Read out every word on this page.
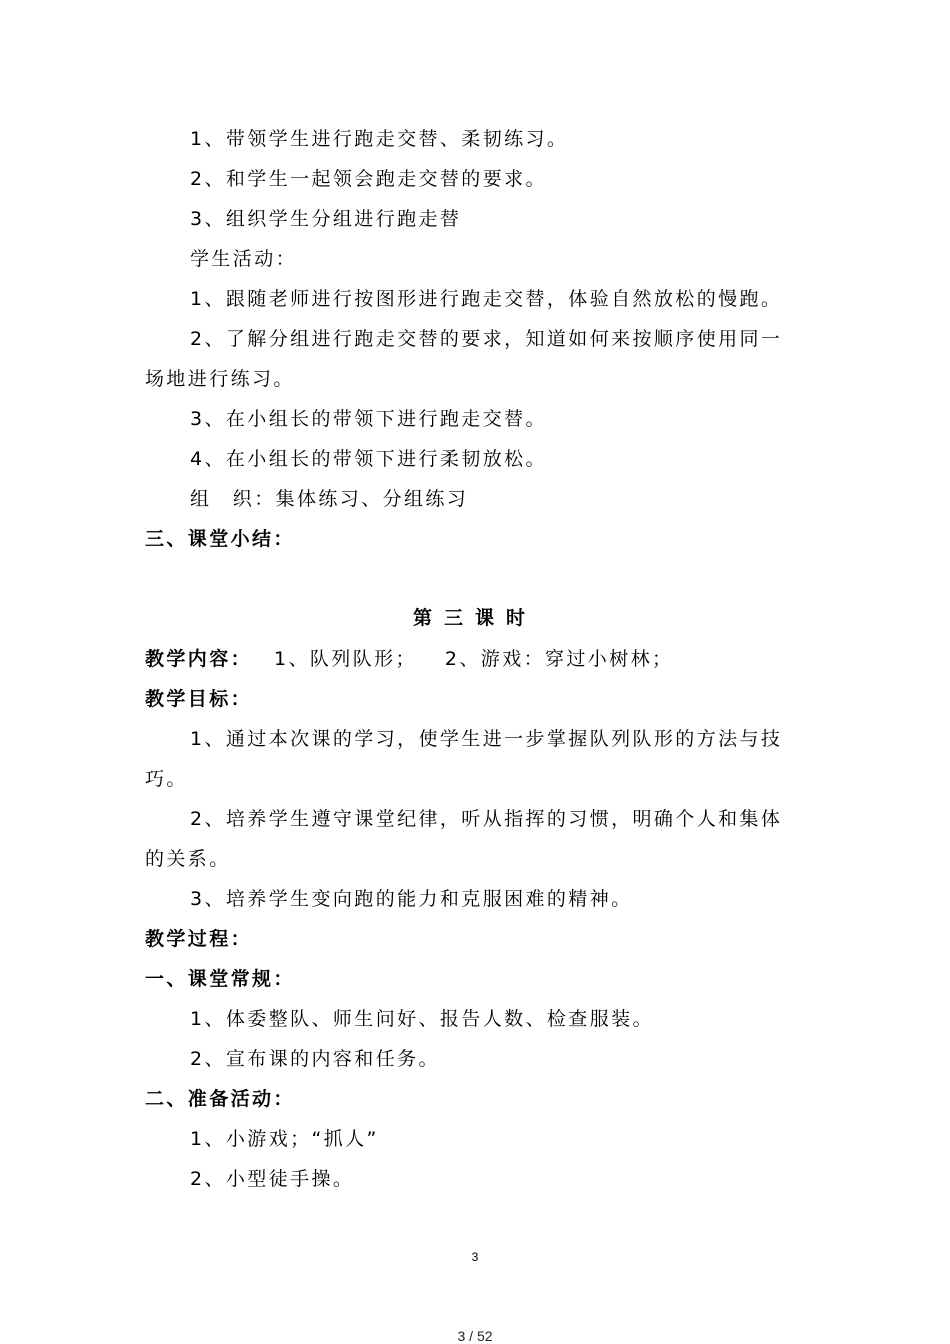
1、带领学生进行跑走交替、柔韧练习。
2、和学生一起领会跑走交替的要求。
3、组织学生分组进行跑走替
学生活动：
1、跟随老师进行按图形进行跑走交替，体验自然放松的慢跑。
2、了解分组进行跑走交替的要求，知道如何来按顺序使用同一
场地进行练习。
3、在小组长的带领下进行跑走交替。
4、在小组长的带领下进行柔韧放松。
组　织：集体练习、分组练习
三、课堂小结：
第三课时
教学内容： 1、队列队形； 2、游戏：穿过小树林；
教学目标：
1、通过本次课的学习，使学生进一步掌握队列队形的方法与技
巧。
2、培养学生遵守课堂纪律，听从指挥的习惯，明确个人和集体
的关系。
3、培养学生变向跑的能力和克服困难的精神。
教学过程：
一、课堂常规：
1、体委整队、师生问好、报告人数、检查服装。
2、宣布课的内容和任务。
二、准备活动：
1、小游戏；“抓人”
2、小型徒手操。
3
3 / 52
